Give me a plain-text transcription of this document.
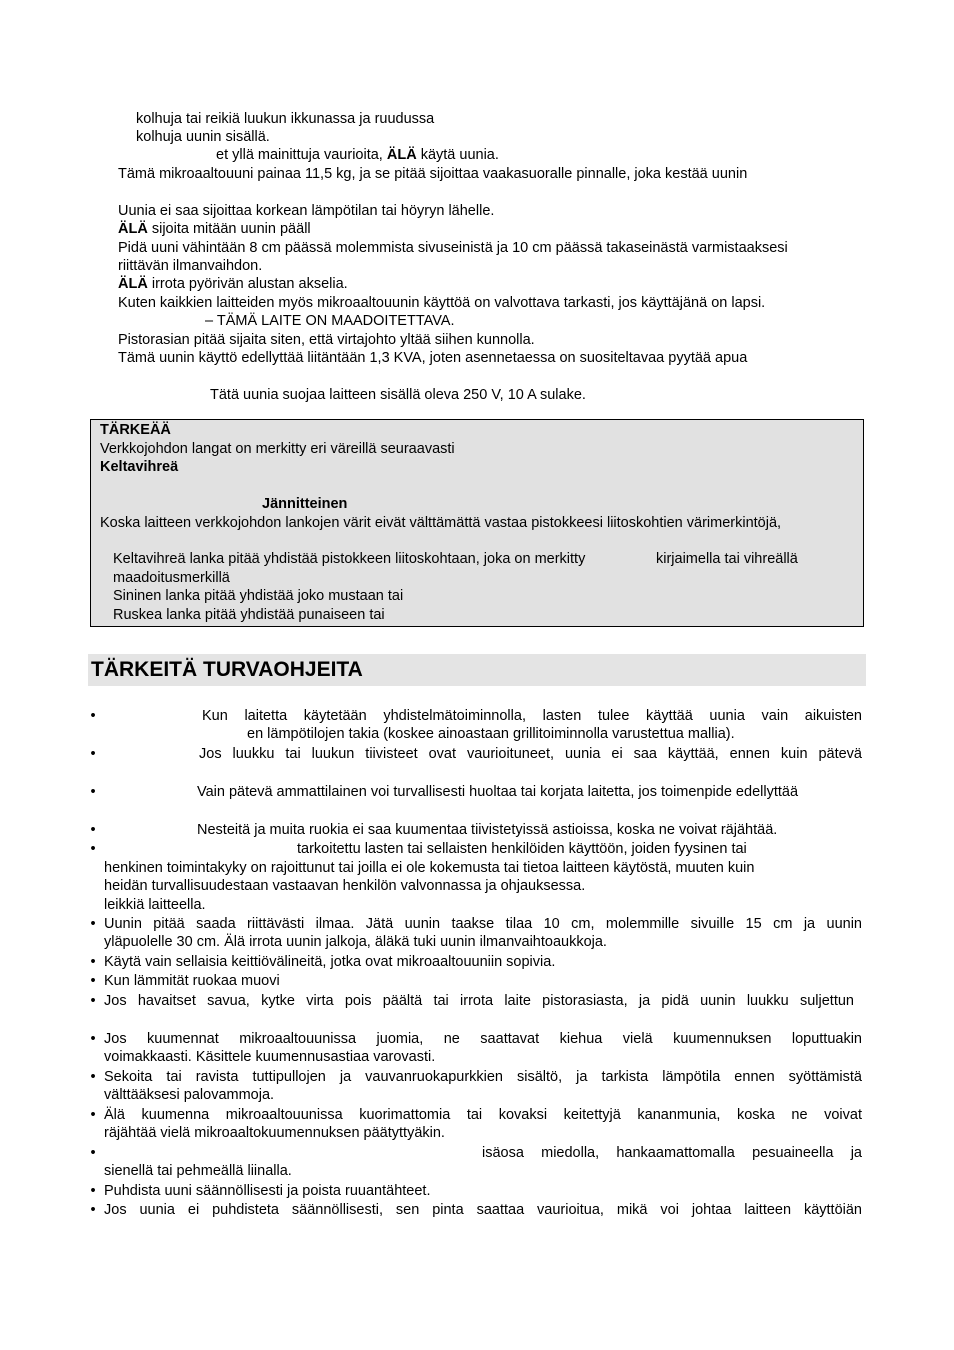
kolhuja tai reikiä luukun ikkunassa ja ruudussa
kolhuja uunin sisällä.
et yllä mainittuja vaurioita, ÄLÄ käytä uunia.
Tämä mikroaaltouuni painaa 11,5 kg, ja se pitää sijoittaa vaakasuoralle pinnalle, joka kestää uunin
Uunia ei saa sijoittaa korkean lämpötilan tai höyryn lähelle.
ÄLÄ sijoita mitään uunin pääll
Pidä uuni vähintään 8 cm päässä molemmista sivuseinistä ja 10 cm päässä takaseinästä varmistaaksesi
riittävän ilmanvaihdon.
ÄLÄ irrota pyörivän alustan akselia.
Kuten kaikkien laitteiden myös mikroaaltouunin käyttöä on valvottava tarkasti, jos käyttäjänä on lapsi.
– TÄMÄ LAITE ON MAADOITETTAVA.
Pistorasian pitää sijaita siten, että virtajohto yltää siihen kunnolla.
Tämä uunin käyttö edellyttää liitäntään 1,3 KVA, joten asennetaessa on suositeltavaa pyytää apua
Tätä uunia suojaa laitteen sisällä oleva 250 V, 10 A sulake.
TÄRKEÄÄ
Verkkojohdon langat on merkitty eri väreillä seuraavasti
Keltavihreä
Jännitteinen
Koska laitteen verkkojohdon lankojen värit eivät välttämättä vastaa pistokkeesi liitoskohtien värimerkintöjä,
Keltavihreä lanka pitää yhdistää pistokkeen liitoskohtaan, joka on merkitty	kirjaimella tai vihreällä
maadoitusmerkillä
Sininen lanka pitää yhdistää joko mustaan tai
Ruskea lanka pitää yhdistää punaiseen tai
TÄRKEITÄ TURVAOHJEITA
•	Kun laitetta käytetään yhdistelmätoiminnolla, lasten tulee käyttää uunia vain aikuisten
en lämpötilojen takia (koskee ainoastaan grillitoiminnolla varustettua mallia).
•	Jos luukku tai luukun tiivisteet ovat vaurioituneet, uunia ei saa käyttää, ennen kuin pätevä
•	Vain pätevä ammattilainen voi turvallisesti huoltaa tai korjata laitetta, jos toimenpide edellyttää
•	Nesteitä ja muita ruokia ei saa kuumentaa tiivistetyissä astioissa, koska ne voivat räjähtää.
•	tarkoitettu lasten tai sellaisten henkilöiden käyttöön, joiden fyysinen tai
henkinen toimintakyky on rajoittunut tai joilla ei ole kokemusta tai tietoa laitteen käytöstä, muuten kuin
heidän turvallisuudestaan vastaavan henkilön valvonnassa ja ohjauksessa.
leikkiä laitteella.
• Uunin pitää saada riittävästi ilmaa. Jätä uunin taakse tilaa 10 cm, molemmille sivuille 15 cm ja uunin
yläpuolelle 30 cm. Älä irrota uunin jalkoja, äläkä tuki uunin ilmanvaihtoaukkoja.
• Käytä vain sellaisia keittiövälineitä, jotka ovat mikroaaltouuniin sopivia.
• Kun lämmität ruokaa muovi
• Jos havaitset savua, kytke virta pois päältä tai irrota laite pistorasiasta, ja pidä uunin luukku suljettun
• Jos kuumennat mikroaaltouunissa juomia, ne saattavat kiehua vielä kuumennuksen loputtuakin
voimakkaasti. Käsittele kuumennusastiaa varovasti.
• Sekoita tai ravista tuttipullojen ja vauvanruokapurkkien sisältö, ja tarkista lämpötila ennen syöttämistä
välttääksesi palovammoja.
• Älä kuumenna mikroaaltouunissa kuorimattomia tai kovaksi keitettyjä kananmunia, koska ne voivat
räjähtää vielä mikroaaltokuumennuksen päätyttyäkin.
•	isäosa miedolla, hankaamattomalla pesuaineella ja
sienellä tai pehmeällä liinalla.
• Puhdista uuni säännöllisesti ja poista ruuantähteet.
• Jos uunia ei puhdisteta säännöllisesti, sen pinta saattaa vaurioitua, mikä voi johtaa laitteen käyttöiän
